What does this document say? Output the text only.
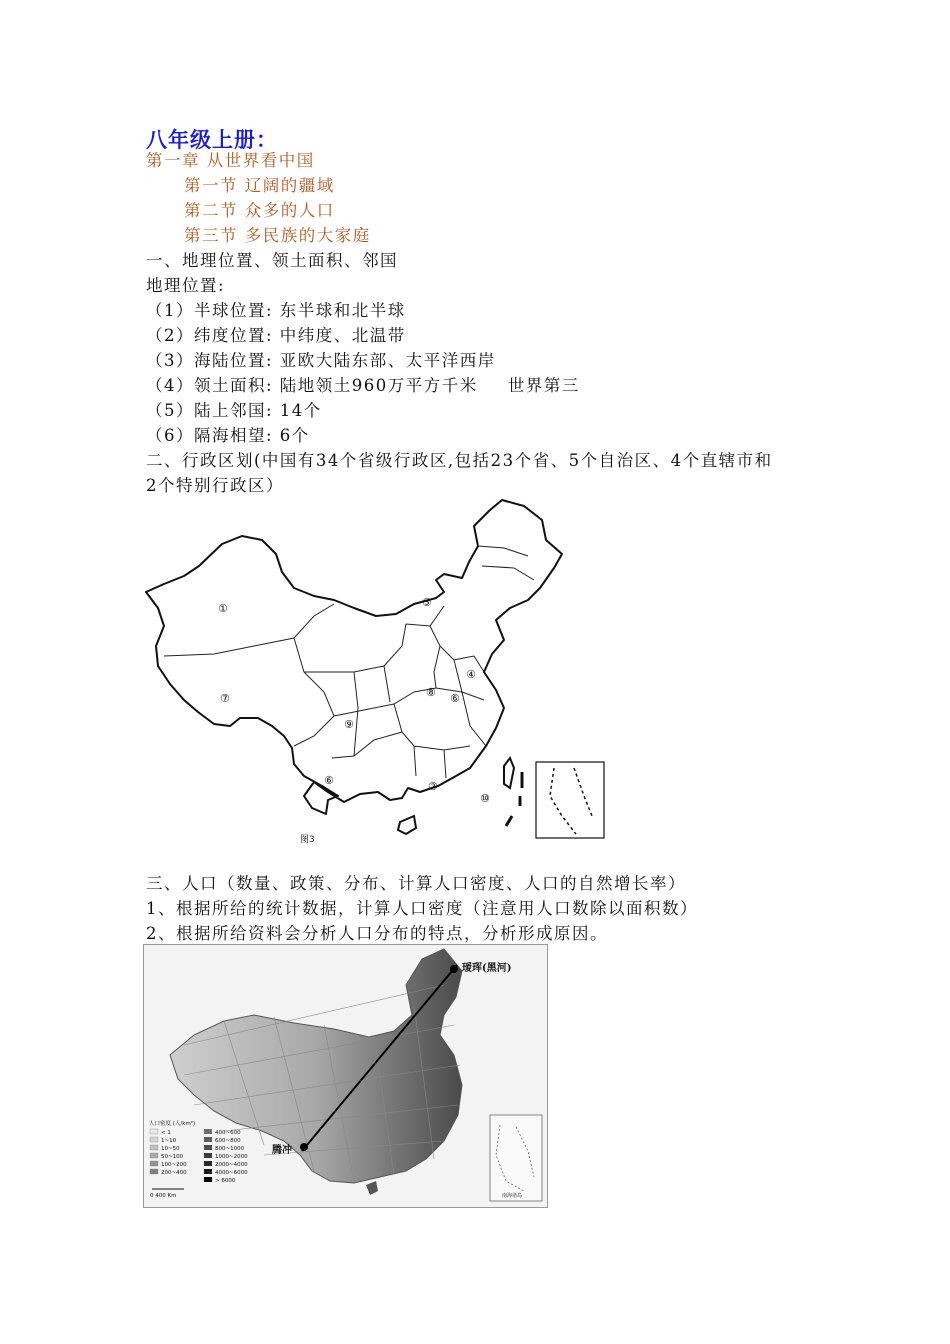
八年级上册：
第一章 从世界看中国
第一节 辽阔的疆域
第二节 众多的人口
第三节 多民族的大家庭
一、地理位置、领土面积、邻国
地理位置:
（1）半球位置: 东半球和北半球
（2）纬度位置: 中纬度、北温带
（3）海陆位置: 亚欧大陆东部、太平洋西岸
（4）领土面积: 陆地领土960万平方千米 世界第三
（5）陆上邻国: 14个
（6）隔海相望: 6个
二、行政区划(中国有34个省级行政区,包括23个省、5个自治区、4个直辖市和
2个特别行政区）
①	⑤
⑦	⑧ ⑥
④
⑨
⑥	②
⑩
图3
三、人口（数量、政策、分布、计算人口密度、人口的自然增长率）
1、根据所给的统计数据，计算人口密度（注意用人口数除以面积数）
2、根据所给资料会分析人口分布的特点，分析形成原因。
瑷珲(黑河)
腾冲
人口密度 (人/km²)
< 1
1~10
10~50
50~100
100~200
200~400
400~600
600~800
800~1000
1000~2000
2000~4000
4000~6000
> 6000
0 400 Km	南海诸岛
